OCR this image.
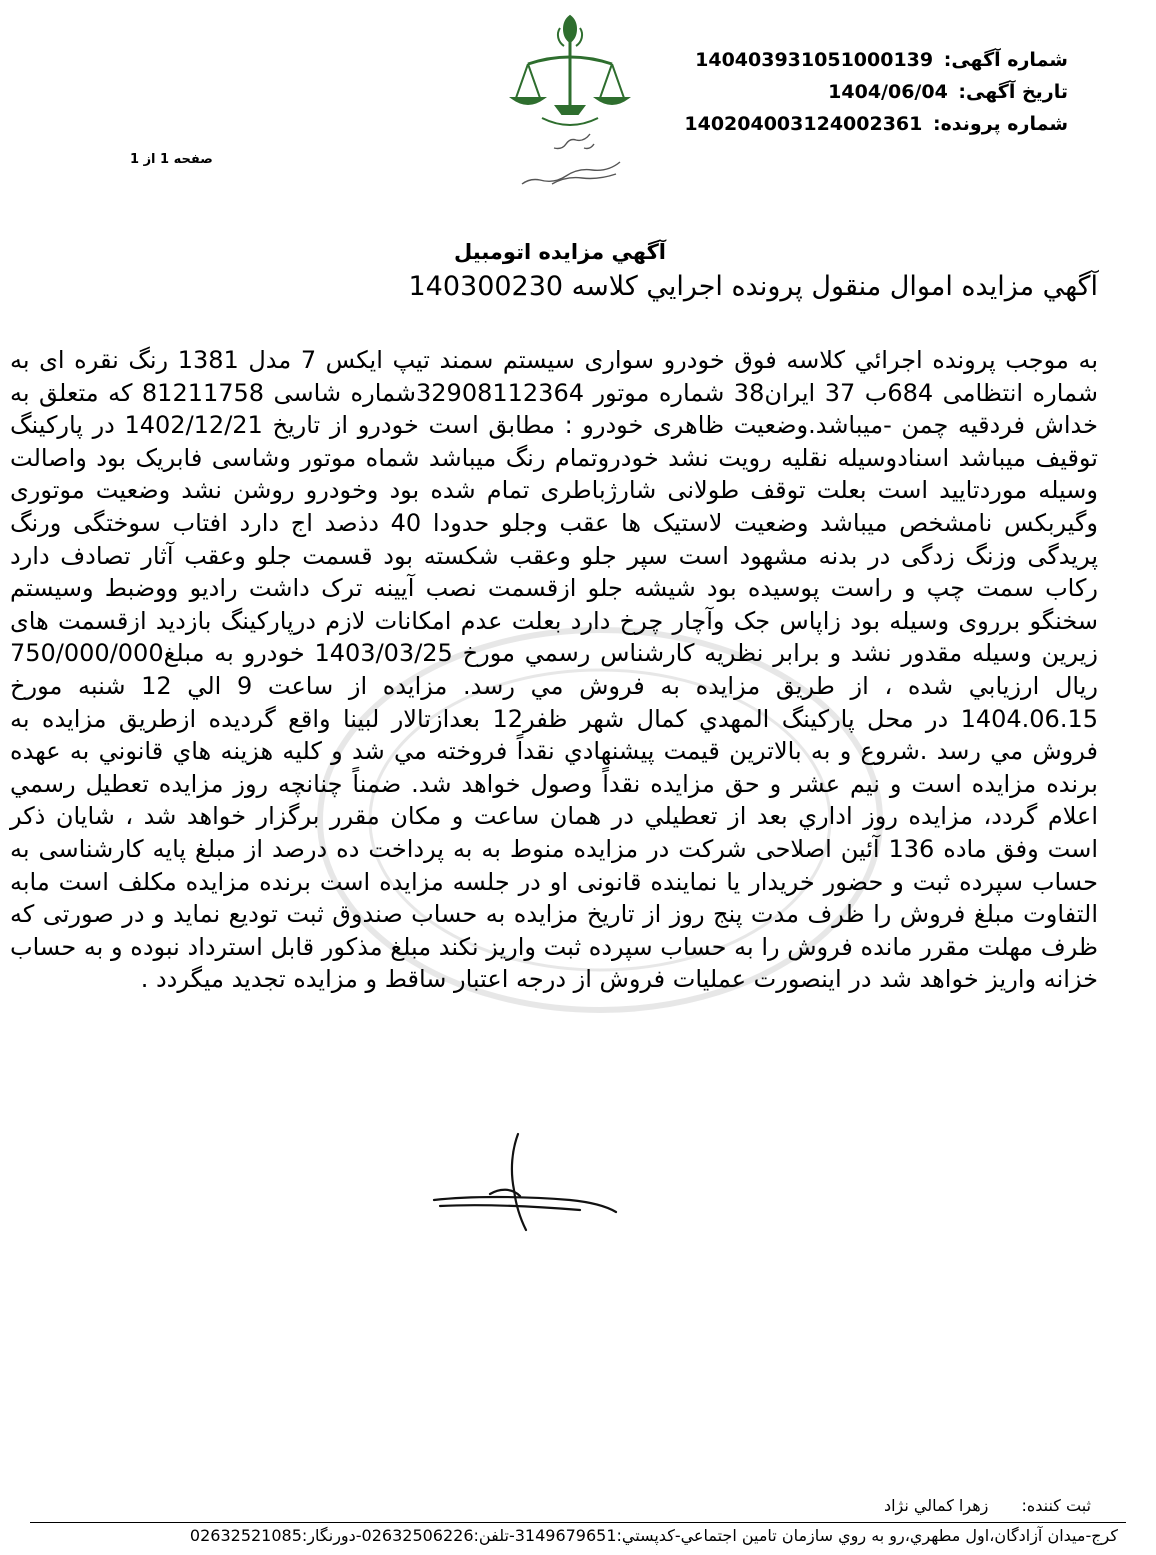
شماره آگهی: 14040393105100013​9
تاریخ آگهی: 1404/06/04
شماره پرونده: 140204003124002361
صفحه 1 از 1
آگهي مزايده اتومبيل
آگهي مزايده اموال منقول پرونده اجرايي كلاسه 140300230
به موجب پرونده اجرائي كلاسه فوق خودرو سواری سیستم سمند تیپ ایکس 7 مدل 1381 رنگ نقره ای به شماره انتظامی 684ب 37 ایران38 شماره موتور 32908112364شماره شاسی 81211758 که متعلق به خداش فردقیه چمن -میباشد.وضعیت ظاهری خودرو : مطابق است خودرو از تاریخ 1402/12/21 در پارکینگ توقیف میباشد اسنادوسیله نقلیه رویت نشد خودروتمام رنگ میباشد شماه موتور وشاسی فابریک بود واصالت وسیله موردتایید است بعلت توقف طولانی شارژباطری تمام شده بود وخودرو روشن نشد وضعیت موتوری وگیربکس نامشخص میباشد وضعیت لاستیک ها عقب وجلو حدودا 40 دذصد اج دارد افتاب سوختگی ورنگ پریدگی وزنگ زدگی در بدنه مشهود است سپر جلو وعقب شکسته بود قسمت جلو وعقب آثار تصادف دارد رکاب سمت چپ و راست پوسیده بود شیشه جلو ازقسمت نصب آیینه ترک داشت رادیو ووضبط وسیستم سخنگو برروی وسیله بود زاپاس جک وآچار چرخ دارد بعلت عدم امکانات لازم درپارکینگ بازدید ازقسمت های زیرین وسیله مقدور نشد و برابر نظريه كارشناس رسمي مورخ 1403/03/25 خودرو به مبلغ750/000/000 ريال ارزيابي شده ، از طريق مزايده به فروش مي رسد. مزايده از ساعت 9 الي 12 شنبه مورخ 1404.06.15 در محل پارکینگ المهدي کمال شهر ظفر12 بعدازتالار لبینا واقع گرديده ازطريق مزايده به فروش مي رسد .شروع و به بالاترين قيمت پيشنهادي نقداً فروخته مي شد و كليه هزينه هاي قانوني به عهده برنده مزايده است و نيم عشر و حق مزايده نقداً وصول خواهد شد. ضمناً چنانچه روز مزايده تعطيل رسمي اعلام گردد، مزايده روز اداري بعد از تعطيلي در همان ساعت و مكان مقرر برگزار خواهد شد ، شایان ذکر است وفق ماده 136 آئین اصلاحی شرکت در مزایده منوط به به پرداخت ده درصد از مبلغ پایه کارشناسی به حساب سپرده ثبت و حضور خریدار یا نماینده قانونی او در جلسه مزایده است برنده مزایده مکلف است مابه التفاوت مبلغ فروش را ظرف مدت پنج روز از تاریخ مزایده به حساب صندوق ثبت تودیع نماید و در صورتی که ظرف مهلت مقرر مانده فروش را به حساب سپرده ثبت واریز نکند مبلغ مذکور قابل استرداد نبوده و به حساب خزانه واریز خواهد شد در اینصورت عملیات فروش از درجه اعتبار ساقط و مزایده تجدید میگردد .
ثبت كننده: زهرا كمالي نژاد
كرج-ميدان آزادگان،اول مطهري،رو به روي سازمان تامين اجتماعي-كدپستي:3149679651-تلفن:02632506226-دورنگار:02632521085
